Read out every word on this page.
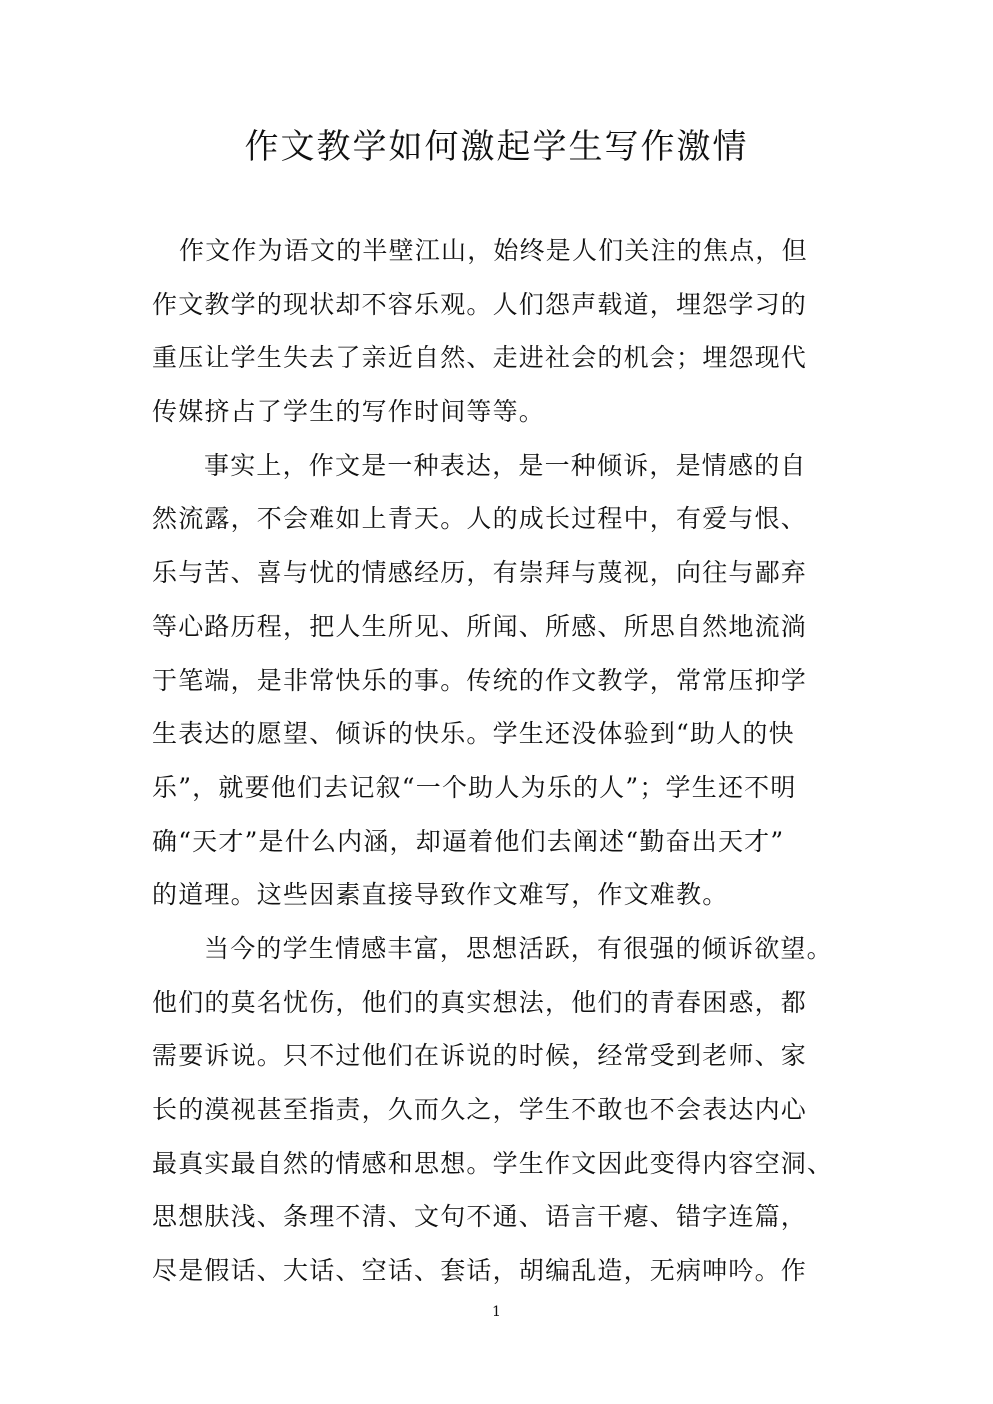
作文教学如何激起学生写作激情
作文作为语文的半壁江山，始终是人们关注的焦点，但
作文教学的现状却不容乐观。人们怨声载道，埋怨学习的
重压让学生失去了亲近自然、走进社会的机会；埋怨现代
传媒挤占了学生的写作时间等等。
事实上，作文是一种表达，是一种倾诉，是情感的自
然流露，不会难如上青天。人的成长过程中，有爱与恨、
乐与苦、喜与忧的情感经历，有崇拜与蔑视，向往与鄙弃
等心路历程，把人生所见、所闻、所感、所思自然地流淌
于笔端，是非常快乐的事。传统的作文教学，常常压抑学
生表达的愿望、倾诉的快乐。学生还没体验到“助人的快
乐”，就要他们去记叙“一个助人为乐的人”；学生还不明
确“天才”是什么内涵，却逼着他们去阐述“勤奋出天才”
的道理。这些因素直接导致作文难写，作文难教。
当今的学生情感丰富，思想活跃，有很强的倾诉欲望。
他们的莫名忧伤，他们的真实想法，他们的青春困惑，都
需要诉说。只不过他们在诉说的时候，经常受到老师、家
长的漠视甚至指责，久而久之，学生不敢也不会表达内心
最真实最自然的情感和思想。学生作文因此变得内容空洞、
思想肤浅、条理不清、文句不通、语言干瘪、错字连篇，
尽是假话、大话、空话、套话，胡编乱造，无病呻吟。作
1
